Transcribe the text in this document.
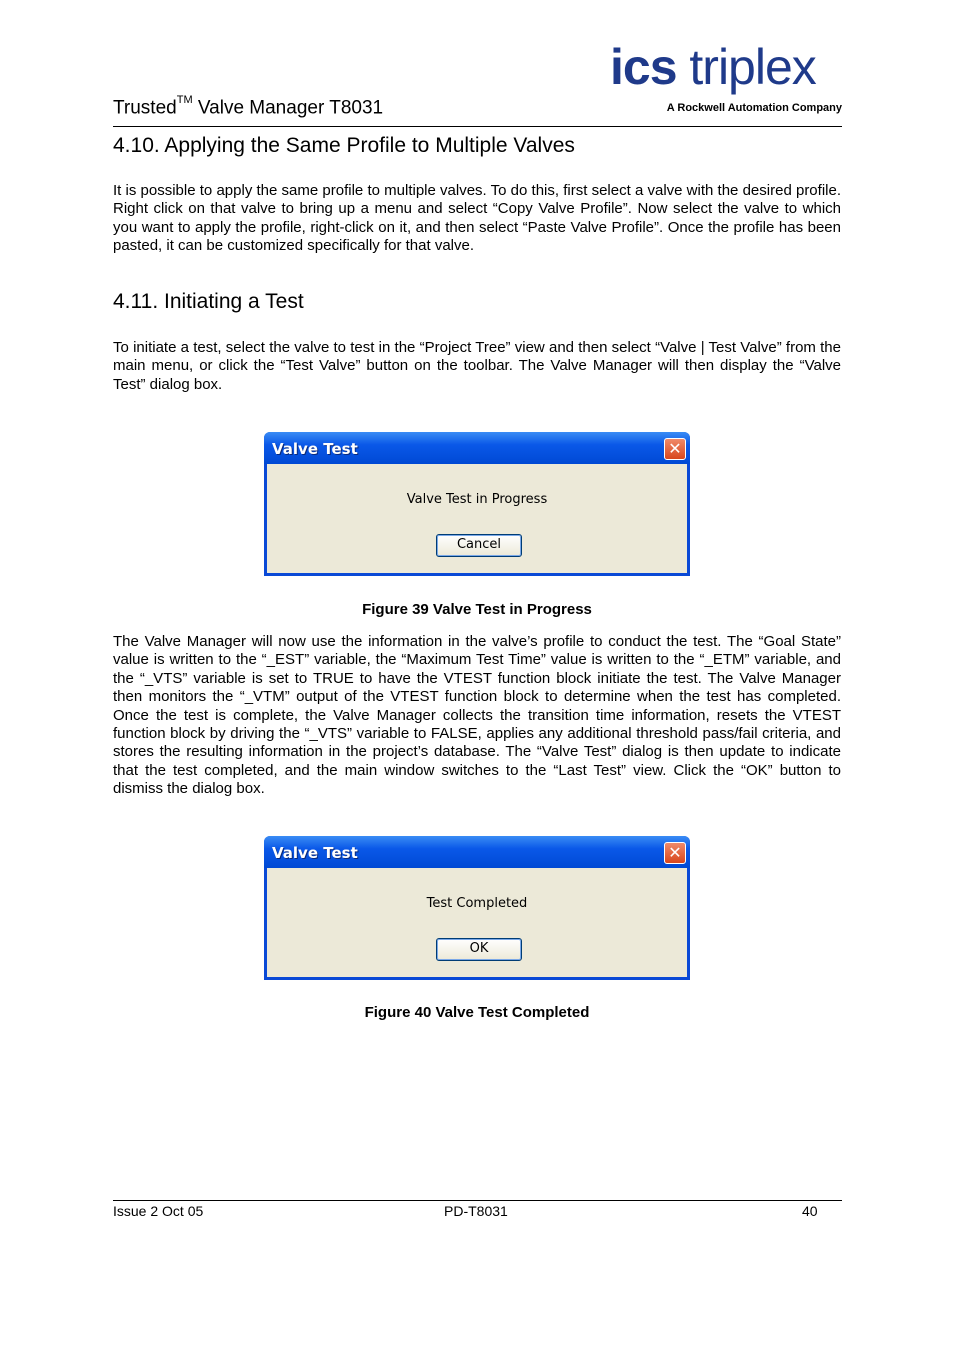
Trusted™ Valve Manager T8031
ics triplex
A Rockwell Automation Company
4.10. Applying the Same Profile to Multiple Valves
It is possible to apply the same profile to multiple valves. To do this, first select a valve with the desired profile. Right click on that valve to bring up a menu and select “Copy Valve Profile”. Now select the valve to which you want to apply the profile, right-click on it, and then select “Paste Valve Profile”. Once the profile has been pasted, it can be customized specifically for that valve.
4.11. Initiating a Test
To initiate a test, select the valve to test in the “Project Tree” view and then select “Valve | Test Valve” from the main menu, or click the “Test Valve” button on the toolbar. The Valve Manager will then display the “Valve Test” dialog box.
Valve Test	✕
Valve Test in Progress
Cancel
Figure 39 Valve Test in Progress
The Valve Manager will now use the information in the valve’s profile to conduct the test. The “Goal State” value is written to the “_EST” variable, the “Maximum Test Time” value is written to the “_ETM” variable, and the “_VTS” variable is set to TRUE to have the VTEST function block initiate the test. The Valve Manager then monitors the “_VTM” output of the VTEST function block to determine when the test has completed. Once the test is complete, the Valve Manager collects the transition time information, resets the VTEST function block by driving the “_VTS” variable to FALSE, applies any additional threshold pass/fail criteria, and stores the resulting information in the project’s database. The “Valve Test” dialog is then update to indicate that the test completed, and the main window switches to the “Last Test” view. Click the “OK” button to dismiss the dialog box.
Valve Test	✕
Test Completed
OK
Figure 40 Valve Test Completed
Issue 2 Oct 05	PD-T8031	40
